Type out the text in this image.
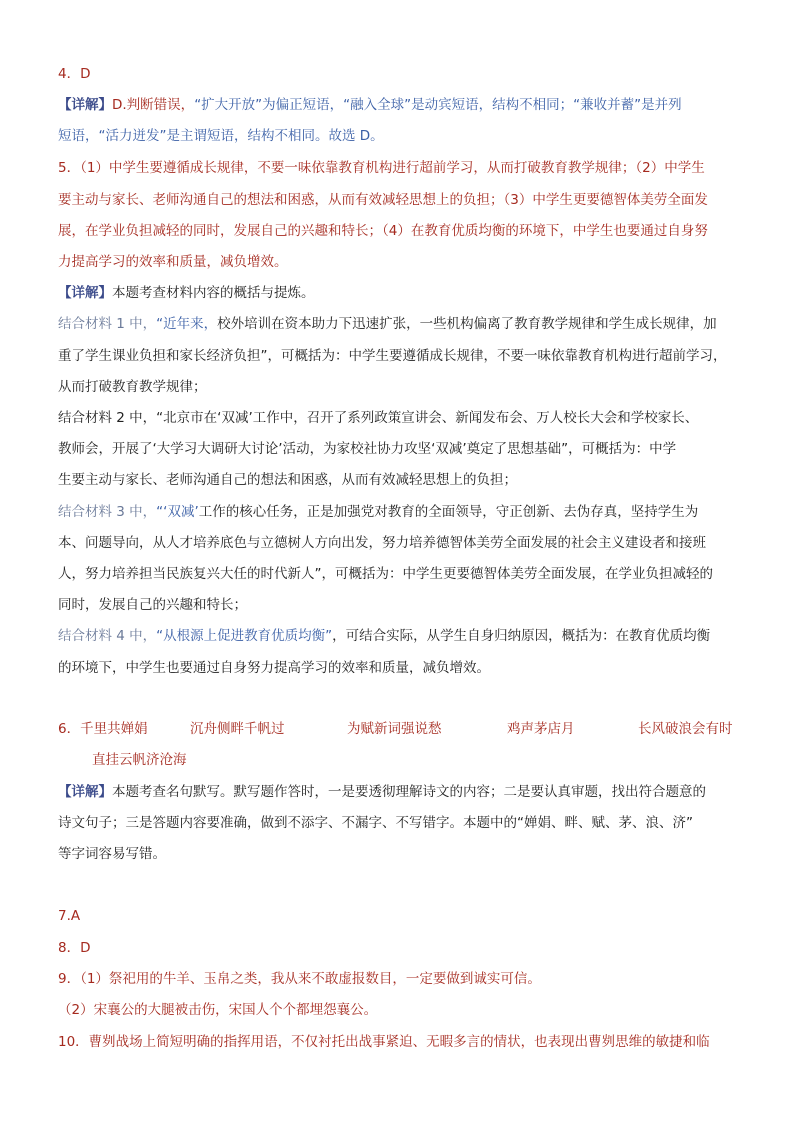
4．D
【详解】D.判断错误，“扩大开放”为偏正短语，“融入全球”是动宾短语，结构不相同；“兼收并蓄”是并列
短语，“活力迸发”是主谓短语，结构不相同。故选 D。
5．（1）中学生要遵循成长规律，不要一味依靠教育机构进行超前学习，从而打破教育教学规律；（2）中学生
要主动与家长、老师沟通自己的想法和困惑，从而有效减轻思想上的负担；（3）中学生更要德智体美劳全面发
展，在学业负担减轻的同时，发展自己的兴趣和特长；（4）在教育优质均衡的环境下，中学生也要通过自身努
力提高学习的效率和质量，减负增效。
【详解】本题考查材料内容的概括与提炼。
结合材料 1 中，“近年来，校外培训在资本助力下迅速扩张，一些机构偏离了教育教学规律和学生成长规律，加
重了学生课业负担和家长经济负担”，可概括为：中学生要遵循成长规律，不要一味依靠教育机构进行超前学习，
从而打破教育教学规律；
结合材料 2 中，“北京市在‘双减’工作中，召开了系列政策宣讲会、新闻发布会、万人校长大会和学校家长、
教师会，开展了‘大学习大调研大讨论’活动，为家校社协力攻坚‘双减’奠定了思想基础”，可概括为：中学
生要主动与家长、老师沟通自己的想法和困惑，从而有效减轻思想上的负担；
结合材料 3 中，“‘双减’工作的核心任务，正是加强党对教育的全面领导，守正创新、去伪存真，坚持学生为
本、问题导向，从人才培养底色与立德树人方向出发，努力培养德智体美劳全面发展的社会主义建设者和接班
人，努力培养担当民族复兴大任的时代新人”，可概括为：中学生更要德智体美劳全面发展，在学业负担减轻的
同时，发展自己的兴趣和特长；
结合材料 4 中，“从根源上促进教育优质均衡”，可结合实际，从学生自身归纳原因，概括为：在教育优质均衡
的环境下，中学生也要通过自身努力提高学习的效率和质量，减负增效。
6．千里共婵娟	沉舟侧畔千帆过	为赋新词强说愁	鸡声茅店月	长风破浪会有时
直挂云帆济沧海
【详解】本题考查名句默写。默写题作答时，一是要透彻理解诗文的内容；二是要认真审题，找出符合题意的
诗文句子；三是答题内容要准确，做到不添字、不漏字、不写错字。本题中的“婵娟、畔、赋、茅、浪、济”
等字词容易写错。
7.A
8．D
9．（1）祭祀用的牛羊、玉帛之类，我从来不敢虚报数目，一定要做到诚实可信。
（2）宋襄公的大腿被击伤，宋国人个个都埋怨襄公。
10．曹刿战场上简短明确的指挥用语，不仅衬托出战事紧迫、无暇多言的情状，也表现出曹刿思维的敏捷和临
